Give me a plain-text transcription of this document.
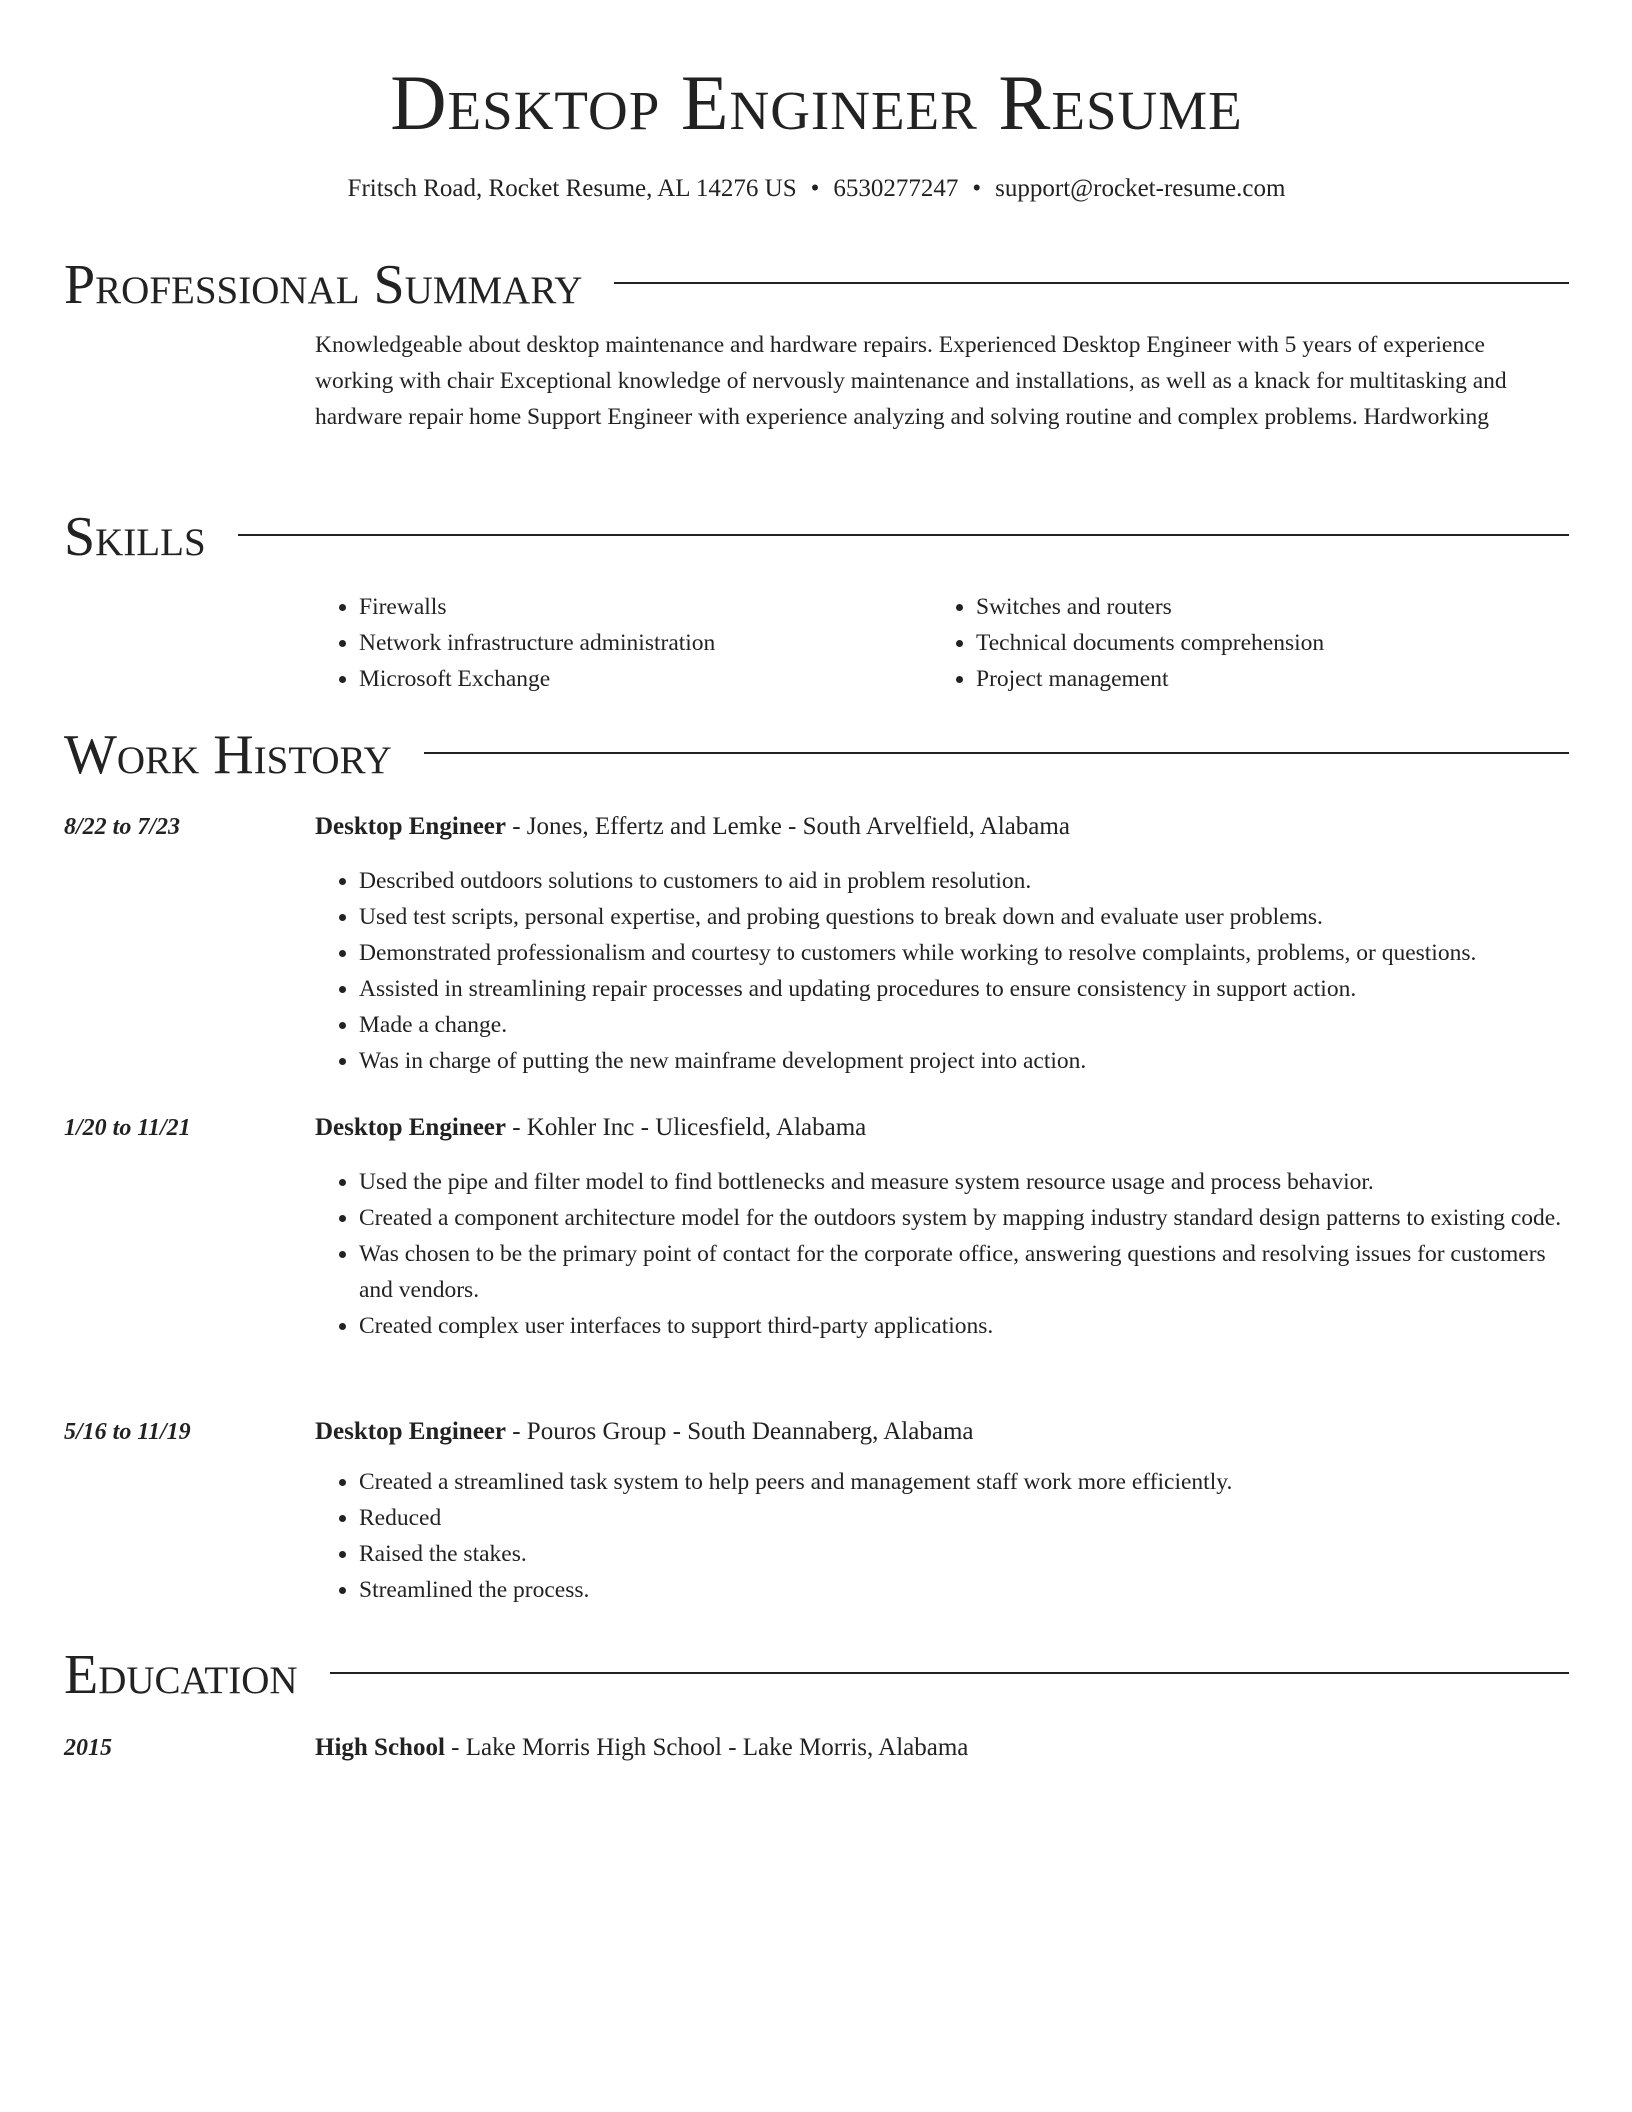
Desktop Engineer Resume
Fritsch Road, Rocket Resume, AL 14276 US • 6530277247 • support@rocket-resume.com
Professional Summary

Knowledgeable about desktop maintenance and hardware repairs. Experienced Desktop Engineer with 5 years of experience working with chair Exceptional knowledge of nervously maintenance and installations, as well as a knack for multitasking and hardware repair home Support Engineer with experience analyzing and solving routine and complex problems. Hardworking

Skills
• Firewalls
• Network infrastructure administration
• Microsoft Exchange
• Switches and routers
• Technical documents comprehension
• Project management
Work History
8/22 to 7/23	Desktop Engineer - Jones, Effertz and Lemke - South Arvelfield, Alabama
• Described outdoors solutions to customers to aid in problem resolution.
• Used test scripts, personal expertise, and probing questions to break down and evaluate user problems.
• Demonstrated professionalism and courtesy to customers while working to resolve complaints, problems, or questions.
• Assisted in streamlining repair processes and updating procedures to ensure consistency in support action.
• Made a change.
• Was in charge of putting the new mainframe development project into action.
1/20 to 11/21	Desktop Engineer - Kohler Inc - Ulicesfield, Alabama
• Used the pipe and filter model to find bottlenecks and measure system resource usage and process behavior.
• Created a component architecture model for the outdoors system by mapping industry standard design patterns to existing code.
• Was chosen to be the primary point of contact for the corporate office, answering questions and resolving issues for customers and vendors.
• Created complex user interfaces to support third-party applications.
5/16 to 11/19	Desktop Engineer - Pouros Group - South Deannaberg, Alabama
• Created a streamlined task system to help peers and management staff work more efficiently.
• Reduced
• Raised the stakes.
• Streamlined the process.
Education
2015	High School - Lake Morris High School - Lake Morris, Alabama
